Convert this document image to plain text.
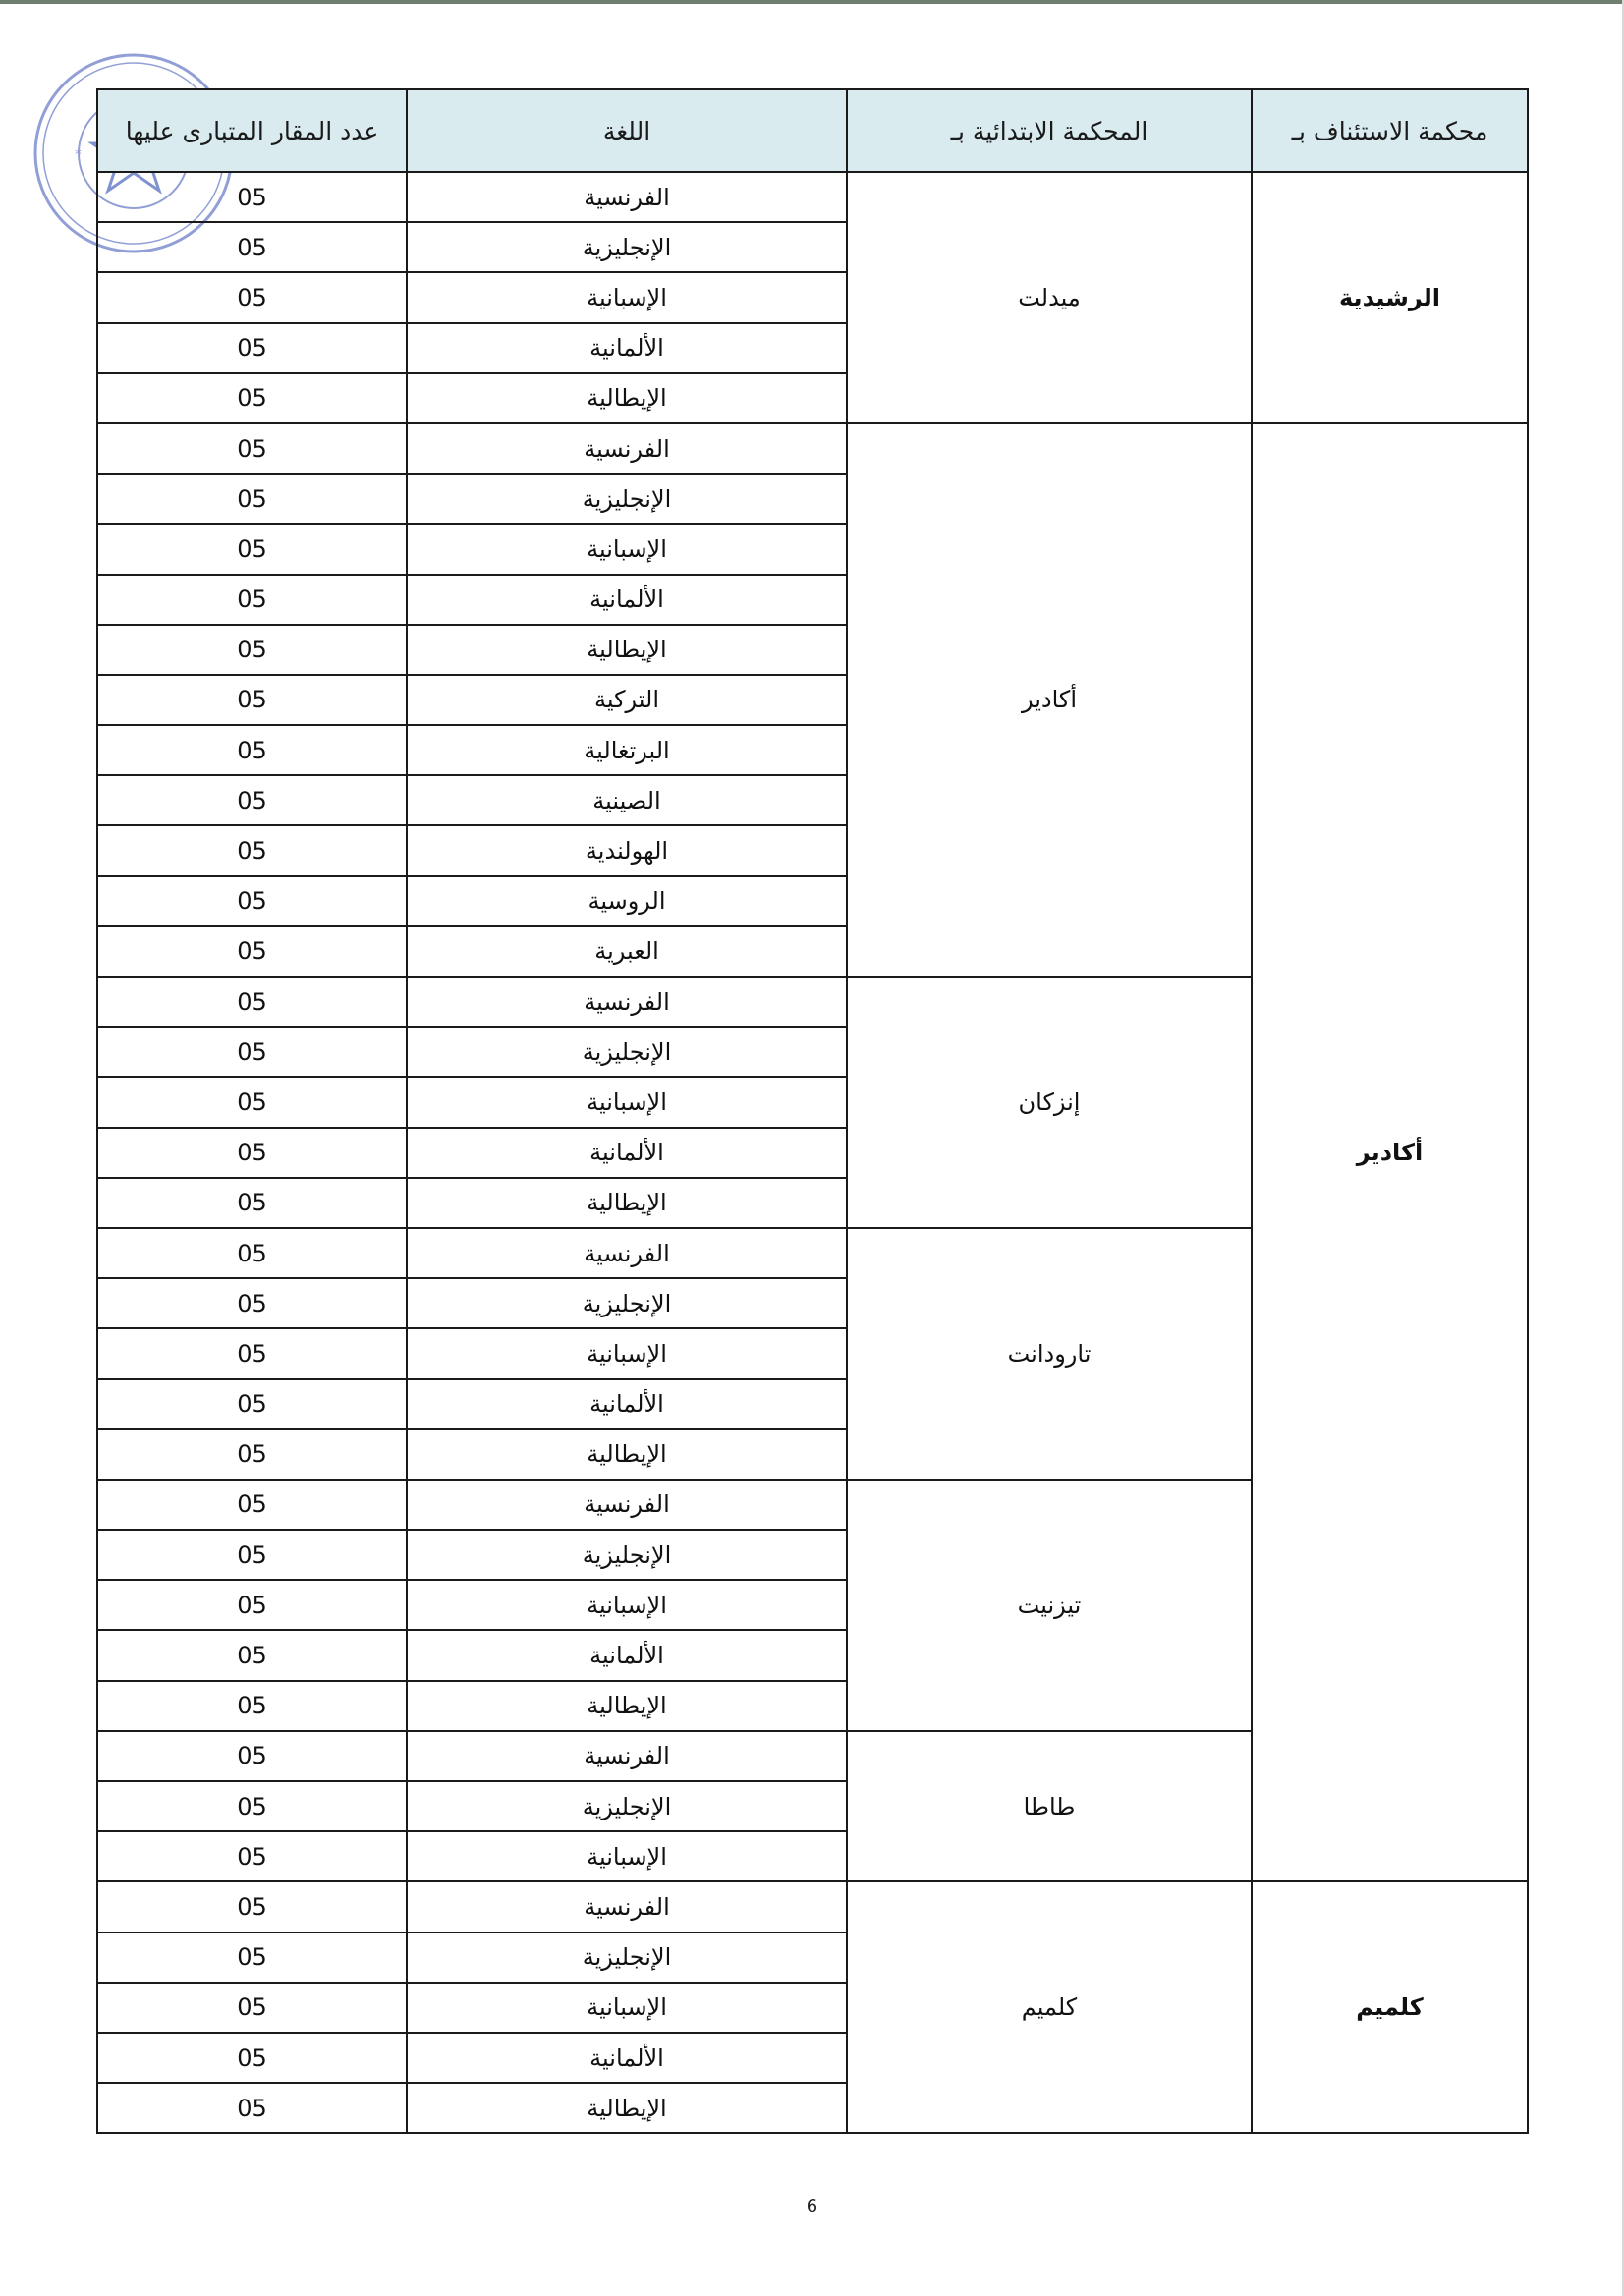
*
محكمة الاستئناف بـ	المحكمة الابتدائية بـ	اللغة	عدد المقار المتبارى عليها
الرشيدية	ميدلت	الفرنسية	05
		الإنجليزية	05
		الإسبانية	05
		الألمانية	05
		الإيطالية	05
أكادير	أكادير	الفرنسية	05
		الإنجليزية	05
		الإسبانية	05
		الألمانية	05
		الإيطالية	05
		التركية	05
		البرتغالية	05
		الصينية	05
		الهولندية	05
		الروسية	05
		العبرية	05
	إنزكان	الفرنسية	05
		الإنجليزية	05
		الإسبانية	05
		الألمانية	05
		الإيطالية	05
	تارودانت	الفرنسية	05
		الإنجليزية	05
		الإسبانية	05
		الألمانية	05
		الإيطالية	05
	تيزنيت	الفرنسية	05
		الإنجليزية	05
		الإسبانية	05
		الألمانية	05
		الإيطالية	05
	طاطا	الفرنسية	05
		الإنجليزية	05
		الإسبانية	05
كلميم	كلميم	الفرنسية	05
		الإنجليزية	05
		الإسبانية	05
		الألمانية	05
		الإيطالية	05
6
